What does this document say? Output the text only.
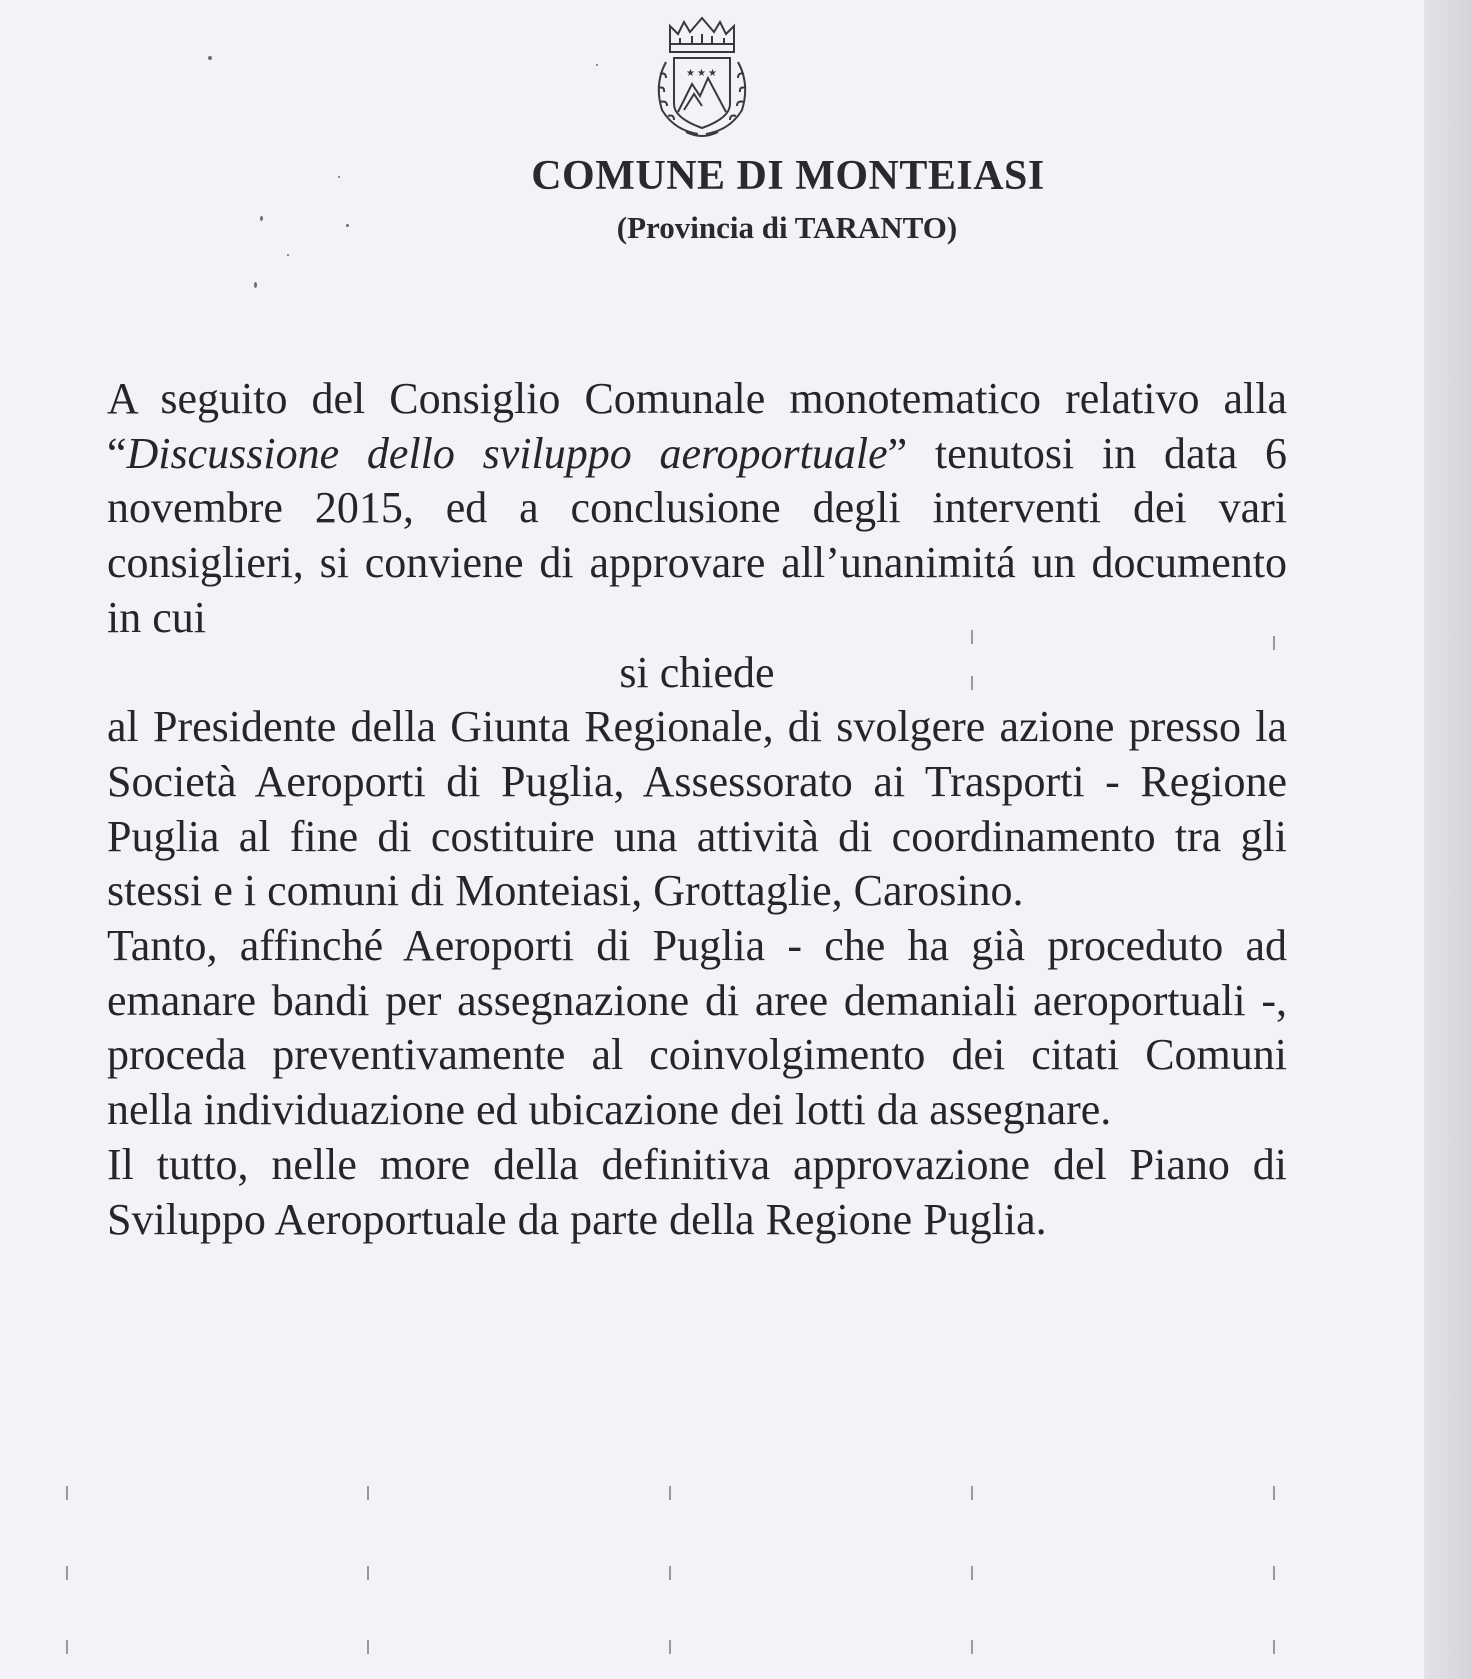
★ ★ ★
COMUNE DI MONTEIASI
(Provincia di TARANTO)

A seguito del Consiglio Comunale monotematico relativo alla “Discussione dello sviluppo aeroportuale” tenutosi in data 6 novembre 2015, ed a conclusione degli interventi dei vari consiglieri, si conviene di approvare all’unanimitá un documento in cui

si chiede

al Presidente della Giunta Regionale, di svolgere azione presso la Società Aeroporti di Puglia, Assessorato ai Trasporti - Regione Puglia al fine di costituire una attività di coordinamento tra gli stessi e i comuni di Monteiasi, Grottaglie, Carosino.

Tanto, affinché Aeroporti di Puglia - che ha già proceduto ad emanare bandi per assegnazione di aree demaniali aeroportuali -, proceda preventivamente al coinvolgimento dei citati Comuni nella individuazione ed ubicazione dei lotti da assegnare.

Il tutto, nelle more della definitiva approvazione del Piano di Sviluppo Aeroportuale da parte della Regione Puglia.
